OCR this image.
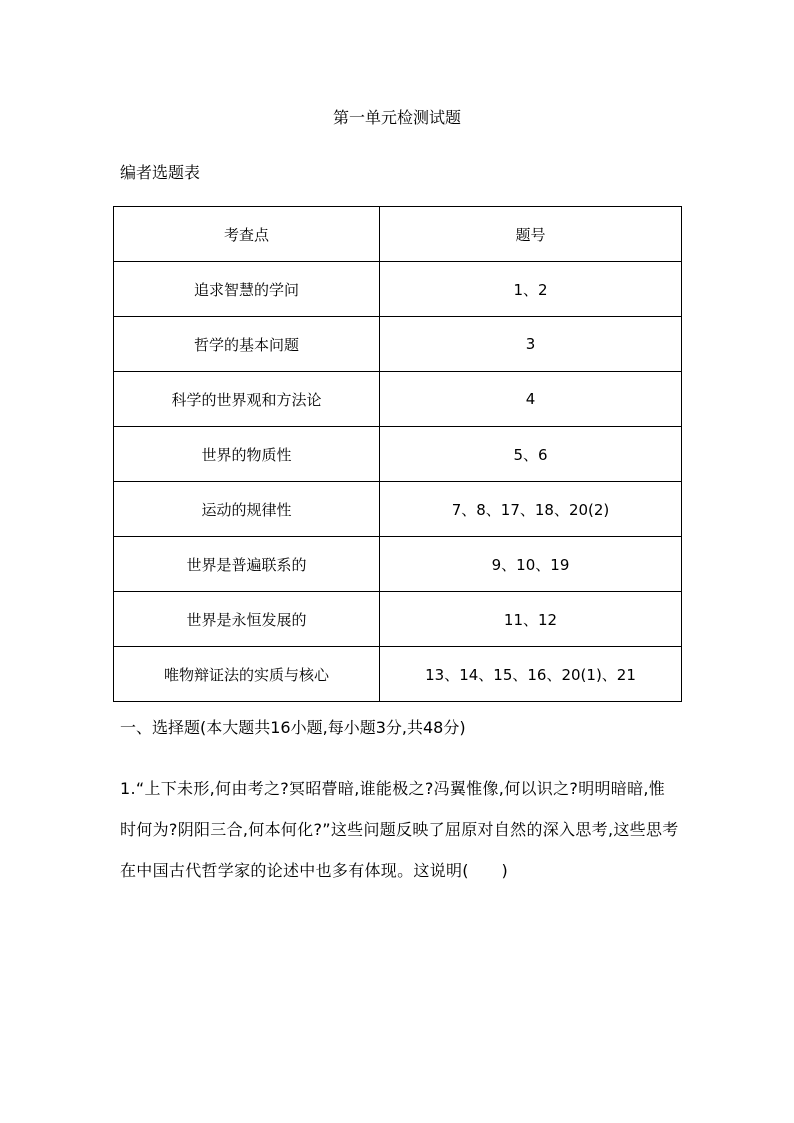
第一单元检测试题
编者选题表
考查点	题号
追求智慧的学问	1、2
哲学的基本问题	3
科学的世界观和方法论	4
世界的物质性	5、6
运动的规律性	7、8、17、18、20(2)
世界是普遍联系的	9、10、19
世界是永恒发展的	11、12
唯物辩证法的实质与核心	13、14、15、16、20(1)、21
一、选择题(本大题共16小题,每小题3分,共48分)
1.“上下未形,何由考之?冥昭瞢暗,谁能极之?冯翼惟像,何以识之?明明暗暗,惟时何为?阴阳三合,何本何化?”这些问题反映了屈原对自然的深入思考,这些思考在中国古代哲学家的论述中也多有体现。这说明(　　)
